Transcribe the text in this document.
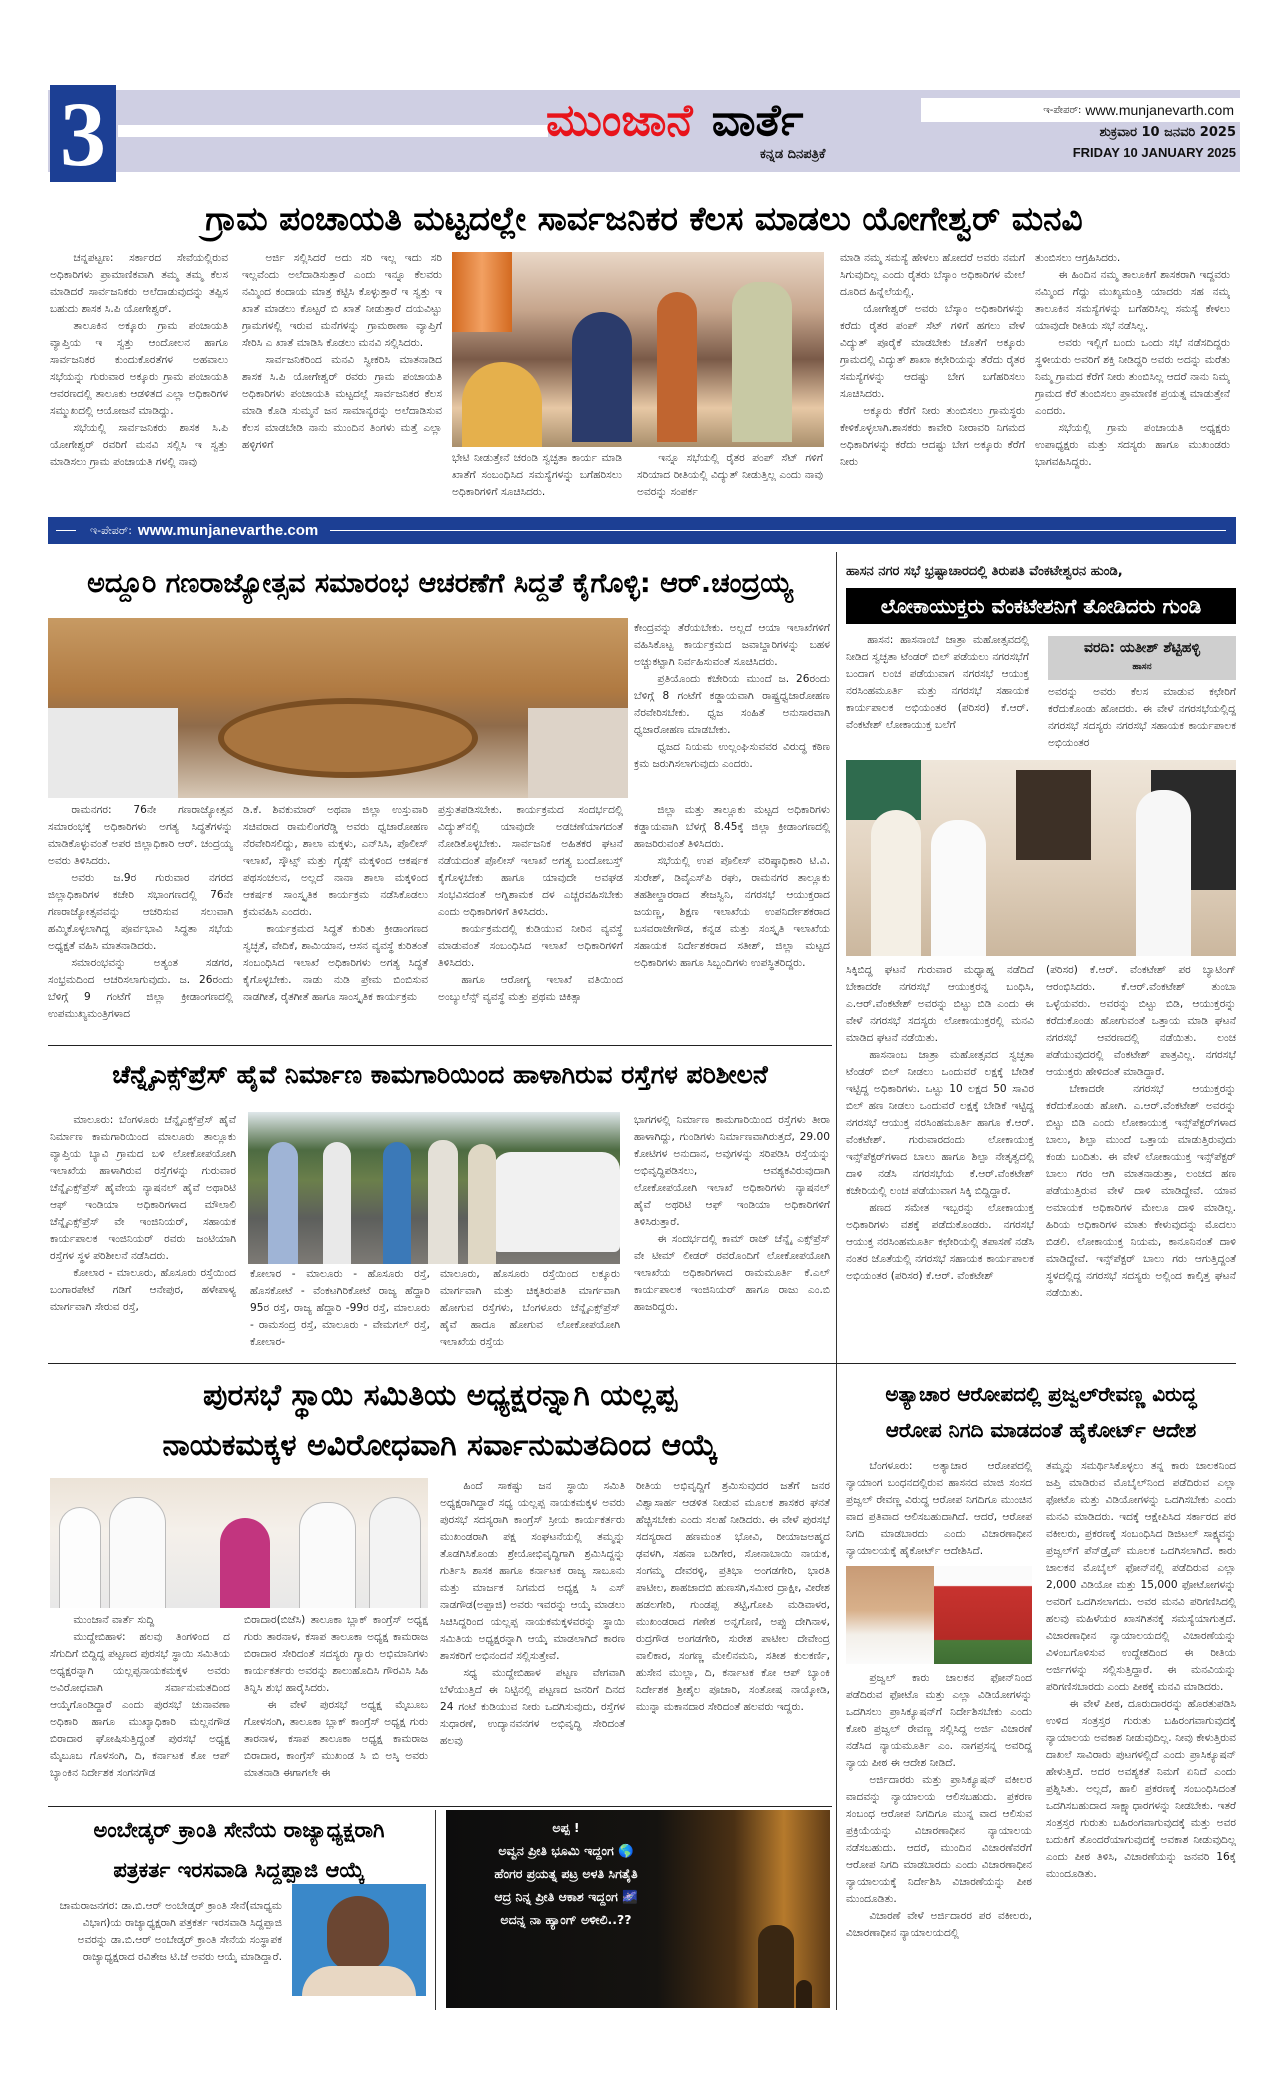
3	ಮುಂಜಾನೆ ವಾರ್ತೆ
ಕನ್ನಡ ದಿನಪತ್ರಿಕೆ
ಇ-ಪೇಪರ್: www.munjanevarth.com
ಶುಕ್ರವಾರ 10 ಜನವರಿ 2025
FRIDAY 10 JANUARY 2025
ಗ್ರಾಮ ಪಂಚಾಯತಿ ಮಟ್ಟದಲ್ಲೇ ಸಾರ್ವಜನಿಕರ ಕೆಲಸ ಮಾಡಲು ಯೋಗೇಶ್ವರ್ ಮನವಿ

ಚನ್ನಪಟ್ಟಣ: ಸರ್ಕಾರದ ಸೇವೆಯಲ್ಲಿರುವ ಅಧಿಕಾರಿಗಳು ಪ್ರಾಮಾಣಿಕವಾಗಿ ತಮ್ಮ ತಮ್ಮ ಕೆಲಸ ಮಾಡಿದರೆ ಸಾರ್ವಜನಿಕರು ಅಲೆದಾಡುವುದನ್ನು ತಪ್ಪಿಸ ಬಹುದು ಶಾಸಕ ಸಿ.ಪಿ ಯೋಗೇಶ್ವರ್.

ತಾಲೂಕಿನ ಅಕ್ಕೂರು ಗ್ರಾಮ ಪಂಚಾಯತಿ ವ್ಯಾಪ್ತಿಯ ಇ ಸ್ವತ್ತು ಆಂದೋಲನ ಹಾಗೂ ಸಾರ್ವಜನಿಕರ ಕುಂದುಕೊರತೆಗಳ ಅಹವಾಲು ಸಭೆಯನ್ನು ಗುರುವಾರ ಅಕ್ಕೂರು ಗ್ರಾಮ ಪಂಚಾಯತಿ ಆವರಣದಲ್ಲಿ ತಾಲೂಕು ಆಡಳಿತದ ಎಲ್ಲಾ ಅಧಿಕಾರಿಗಳ ಸಮ್ಮುಖದಲ್ಲಿ ಆಯೋಜನೆ ಮಾಡಿದ್ದು.

ಸಭೆಯಲ್ಲಿ ಸಾರ್ವಜನಿಕರು ಶಾಸಕ ಸಿ.ಪಿ ಯೋಗೇಶ್ವರ್ ರವರಿಗೆ ಮನವಿ ಸಲ್ಲಿಸಿ ಇ ಸ್ವತ್ತು ಮಾಡಿಸಲು ಗ್ರಾಮ ಪಂಚಾಯತಿ ಗಳಲ್ಲಿ ನಾವು

ಅರ್ಜಿ ಸಲ್ಲಿಸಿದರೆ ಅದು ಸರಿ ಇಲ್ಲ ಇದು ಸರಿ ಇಲ್ಲವೆಂದು ಅಲೆದಾಡಿಸುತ್ತಾರೆ ಎಂದು ಇನ್ನೂ ಕೆಲವರು ನಮ್ಮಿಂದ ಕಂದಾಯ ಮಾತ್ರ ಕಟ್ಟಿಸಿ ಕೊಳ್ಳುತ್ತಾರೆ ಇ ಸ್ವತ್ತು ಇ ಖಾತೆ ಮಾಡಲು ಕೊಟ್ಟರೆ ಬಿ ಖಾತೆ ನೀಡುತ್ತಾರೆ ದಯವಿಟ್ಟು ಗ್ರಾಮಗಳಲ್ಲಿ ಇರುವ ಮನೆಗಳನ್ನು ಗ್ರಾಮಠಾಣಾ ವ್ಯಾಪ್ತಿಗೆ ಸೇರಿಸಿ ಎ ಖಾತೆ ಮಾಡಿಸಿ ಕೊಡಲು ಮನವಿ ಸಲ್ಲಿಸಿದರು.

ಸಾರ್ವಜನಿಕರಿಂದ ಮನವಿ ಸ್ವೀಕರಿಸಿ ಮಾತನಾಡಿದ ಶಾಸಕ ಸಿ.ಪಿ ಯೋಗೇಶ್ವರ್ ರವರು ಗ್ರಾಮ ಪಂಚಾಯತಿ ಅಧಿಕಾರಿಗಳು ಪಂಚಾಯತಿ ಮಟ್ಟದಲ್ಲೆ ಸಾರ್ವಜನಿಕರ ಕೆಲಸ ಮಾಡಿ ಕೊಡಿ ಸುಮ್ಮನೆ ಜನ ಸಾಮಾನ್ಯರನ್ನು ಅಲೆದಾಡಿಸುವ ಕೆಲಸ ಮಾಡಬೇಡಿ ನಾನು ಮುಂದಿನ ತಿಂಗಳು ಮತ್ತೆ ಎಲ್ಲಾ ಹಳ್ಳಿಗಳಿಗೆ

ಭೇಟಿ ನೀಡುತ್ತೇನೆ ಚರಂಡಿ ಸ್ವಚ್ಛತಾ ಕಾರ್ಯ ಮಾಡಿ ಖಾತೆಗೆ ಸಂಬಂಧಿಸಿದ ಸಮಸ್ಯೆಗಳನ್ನು ಬಗೆಹರಿಸಲು ಅಧಿಕಾರಿಗಳಿಗೆ ಸೂಚಿಸಿದರು.
ಇನ್ನೂ ಸಭೆಯಲ್ಲಿ ರೈತರ ಪಂಪ್ ಸೆಟ್ ಗಳಿಗೆ ಸರಿಯಾದ ರೀತಿಯಲ್ಲಿ ವಿದ್ಯುತ್ ನೀಡುತ್ತಿಲ್ಲ ಎಂದು ನಾವು ಅವರನ್ನು ಸಂಪರ್ಕ

ಮಾಡಿ ನಮ್ಮ ಸಮಸ್ಯೆ ಹೇಳಲು ಹೋದರೆ ಅವರು ನಮಗೆ ಸಿಗುವುದಿಲ್ಲ ಎಂದು ರೈತರು ಬೆಸ್ಕಾಂ ಅಧಿಕಾರಿಗಳ ಮೇಲೆ ದೂರಿದ ಹಿನ್ನೆಲೆಯಲ್ಲಿ.

ಯೋಗೇಶ್ವರ್ ಅವರು ಬೆಸ್ಕಾಂ ಅಧಿಕಾರಿಗಳನ್ನು ಕರೆದು ರೈತರ ಪಂಪ್ ಸೆಟ್ ಗಳಿಗೆ ಹಗಲು ವೇಳೆ ವಿದ್ಯುತ್ ಪೂರೈಕೆ ಮಾಡಬೇಕು ಜೊತೆಗೆ ಅಕ್ಕೂರು ಗ್ರಾಮದಲ್ಲಿ ವಿದ್ಯುತ್ ಶಾಖಾ ಕಛೇರಿಯನ್ನು ತೆರೆದು ರೈತರ ಸಮಸ್ಯೆಗಳನ್ನು ಆದಷ್ಟು ಬೇಗ ಬಗೆಹರಿಸಲು ಸೂಚಿಸಿದರು.

ಅಕ್ಕೂರು ಕೆರೆಗೆ ನೀರು ತುಂಬಿಸಲು ಗ್ರಾಮಸ್ಥರು ಕೇಳಿಕೊಳ್ಳಲಾಗಿ.ಶಾಸಕರು ಕಾವೇರಿ ನೀರಾವರಿ ನಿಗಮದ ಅಧಿಕಾರಿಗಳನ್ನು ಕರೆದು ಆದಷ್ಟು ಬೇಗ ಅಕ್ಕೂರು ಕೆರೆಗೆ ನೀರು

ತುಂಬಿಸಲು ಆಗ್ರಹಿಸಿದರು.

ಈ ಹಿಂದಿನ ನಮ್ಮ ತಾಲೂಕಿಗೆ ಶಾಸಕರಾಗಿ ಇದ್ದವರು ನಮ್ಮಿಂದ ಗೆದ್ದು ಮುಖ್ಯಮಂತ್ರಿ ಯಾದರು ಸಹ ನಮ್ಮ ತಾಲೂಕಿನ ಸಮಸ್ಯೆಗಳನ್ನು ಬಗೆಹರಿಸಿಲ್ಲ ಸಮಸ್ಯೆ ಕೇಳಲು ಯಾವುದೇ ರೀತಿಯ ಸಭೆ ನಡೆಸಿಲ್ಲ.

ಅವರು ಇಲ್ಲಿಗೆ ಬಂದು ಒಂದು ಸಭೆ ನಡೆಸದಿದ್ದರು ಸ್ಥಳೀಯರು ಅವರಿಗೆ ಶಕ್ತಿ ನೀಡಿದ್ದರಿ ಅವರು ಅದನ್ನು ಮರೆತು ನಿಮ್ಮ ಗ್ರಾಮದ ಕೆರೆಗೆ ನೀರು ತುಂಬಿಸಿಲ್ಲ ಆದರೆ ನಾನು ನಿಮ್ಮ ಗ್ರಾಮದ ಕೆರೆ ತುಂಬಿಸಲು ಪ್ರಾಮಾಣಿಕ ಪ್ರಯತ್ನ ಮಾಡುತ್ತೇನೆ ಎಂದರು.

ಸಭೆಯಲ್ಲಿ ಗ್ರಾಮ ಪಂಚಾಯತಿ ಅಧ್ಯಕ್ಷರು ಉಪಾಧ್ಯಕ್ಷರು ಮತ್ತು ಸದಸ್ಯರು ಹಾಗೂ ಮುಖಂಡರು ಭಾಗವಹಿಸಿದ್ದರು.

ಇ-ಪೇಪರ್: www.munjanevarthe.com
ಅದ್ದೂರಿ ಗಣರಾಜ್ಯೋತ್ಸವ ಸಮಾರಂಭ ಆಚರಣೆಗೆ ಸಿದ್ದತೆ ಕೈಗೊಳ್ಳಿ: ಆರ್.ಚಂದ್ರಯ್ಯ

ಕೇಂದ್ರವನ್ನು ತೆರೆಯಬೇಕು. ಅಲ್ಲದೆ ಆಯಾ ಇಲಾಖೆಗಳಿಗೆ ವಹಿಸಿಕೊಟ್ಟ ಕಾರ್ಯಕ್ರಮದ ಜವಾಬ್ದಾರಿಗಳನ್ನು ಬಹಳ ಅಚ್ಚುಕಟ್ಟಾಗಿ ನಿರ್ವಹಿಸುವಂತೆ ಸೂಚಿಸಿದರು.

ಪ್ರತಿಯೊಂದು ಕಚೇರಿಯ ಮುಂದೆ ಜ. 26ರಂದು ಬೆಳಿಗ್ಗೆ 8 ಗಂಟೆಗೆ ಕಡ್ಡಾಯವಾಗಿ ರಾಷ್ಟ್ರಧ್ವಜಾರೋಹಣ ನೆರವೇರಿಸಬೇಕು. ಧ್ವಜ ಸಂಹಿತೆ ಅನುಸಾರವಾಗಿ ಧ್ವಜಾರೋಹಣ ಮಾಡಬೇಕು.

ಧ್ವಜದ ನಿಯಮ ಉಲ್ಲಂಘಿಸುವವರ ವಿರುದ್ಧ ಕಠಿಣ ಕ್ರಮ ಜರುಗಿಸಲಾಗುವುದು ಎಂದರು.

ರಾಮನಗರ: 76ನೇ ಗಣರಾಜ್ಯೋತ್ಸವ ಸಮಾರಂಭಕ್ಕೆ ಅಧಿಕಾರಿಗಳು ಅಗತ್ಯ ಸಿದ್ಧತೆಗಳನ್ನು ಮಾಡಿಕೊಳ್ಳುವಂತೆ ಅಪರ ಜಿಲ್ಲಾಧಿಕಾರಿ ಆರ್. ಚಂದ್ರಯ್ಯ ಅವರು ತಿಳಿಸಿದರು.

ಅವರು ಜ.9ರ ಗುರುವಾರ ನಗರದ ಜಿಲ್ಲಾಧಿಕಾರಿಗಳ ಕಚೇರಿ ಸಭಾಂಗಣದಲ್ಲಿ 76ನೇ ಗಣರಾಜ್ಯೋತ್ಸವವನ್ನು ಆಚರಿಸುವ ಸಲುವಾಗಿ ಹಮ್ಮಿಕೊಳ್ಳಲಾಗಿದ್ದ ಪೂರ್ವಭಾವಿ ಸಿದ್ಧತಾ ಸಭೆಯ ಅಧ್ಯಕ್ಷತೆ ವಹಿಸಿ ಮಾತನಾಡಿದರು.

ಸಮಾರಂಭವನ್ನು ಅತ್ಯಂತ ಸಡಗರ, ಸಂಭ್ರಮದಿಂದ ಆಚರಿಸಲಾಗುವುದು. ಜ. 26ರಂದು ಬೆಳಿಗ್ಗೆ 9 ಗಂಟೆಗೆ ಜಿಲ್ಲಾ ಕ್ರೀಡಾಂಗಣದಲ್ಲಿ ಉಪಮುಖ್ಯಮಂತ್ರಿಗಳಾದ

ಡಿ.ಕೆ. ಶಿವಕುಮಾರ್ ಅಥವಾ ಜಿಲ್ಲಾ ಉಸ್ತುವಾರಿ ಸಚಿವರಾದ ರಾಮಲಿಂಗರೆಡ್ಡಿ ಅವರು ಧ್ವಜಾರೋಹಣ ನೆರವೇರಿಸಲಿದ್ದು, ಶಾಲಾ ಮಕ್ಕಳು, ಎನ್‌ಸಿಸಿ, ಪೊಲೀಸ್ ಇಲಾಖೆ, ಸ್ಕೌಟ್ಸ್ ಮತ್ತು ಗೈಡ್ಸ್ ಮಕ್ಕಳಿಂದ ಆಕರ್ಷಕ ಪಥಸಂಚಲನ, ಅಲ್ಲದೆ ನಾನಾ ಶಾಲಾ ಮಕ್ಕಳಿಂದ ಆಕರ್ಷಕ ಸಾಂಸ್ಕೃತಿಕ ಕಾರ್ಯಕ್ರಮ ನಡೆಸಿಕೊಡಲು ಕ್ರಮವಹಿಸಿ ಎಂದರು.

ಕಾರ್ಯಕ್ರಮದ ಸಿದ್ಧತೆ ಕುರಿತು ಕ್ರೀಡಾಂಗಣದ ಸ್ವಚ್ಛತೆ, ವೇದಿಕೆ, ಶಾಮಿಯಾನ, ಆಸನ ವ್ಯವಸ್ಥೆ ಕುರಿತಂತೆ ಸಂಬಂಧಿಸಿದ ಇಲಾಖೆ ಅಧಿಕಾರಿಗಳು ಅಗತ್ಯ ಸಿದ್ಧತೆ ಕೈಗೊಳ್ಳಬೇಕು. ನಾಡು ನುಡಿ ಪ್ರೇಮ ಬಿಂಬಿಸುವ ನಾಡಗೀತೆ, ರೈತಗೀತೆ ಹಾಗೂ ಸಾಂಸ್ಕೃತಿಕ ಕಾರ್ಯಕ್ರಮ

ಪ್ರಸ್ತುತಪಡಿಸಬೇಕು. ಕಾರ್ಯಕ್ರಮದ ಸಂದರ್ಭದಲ್ಲಿ ವಿದ್ಯುತ್‌ನಲ್ಲಿ ಯಾವುದೇ ಅಡಚಣೆಯಾಗದಂತೆ ನೋಡಿಕೊಳ್ಳಬೇಕು. ಸಾರ್ವಜನಿಕ ಅಹಿತಕರ ಘಟನೆ ನಡೆಯದಂತೆ ಪೊಲೀಸ್ ಇಲಾಖೆ ಅಗತ್ಯ ಬಂದೋಬಸ್ತ್ ಕೈಗೊಳ್ಳಬೇಕು ಹಾಗೂ ಯಾವುದೇ ಅವಘಡ ಸಂಭವಿಸದಂತೆ ಅಗ್ನಿಶಾಮಕ ದಳ ಎಚ್ಚರವಹಿಸಬೇಕು ಎಂದು ಅಧಿಕಾರಿಗಳಿಗೆ ತಿಳಿಸಿದರು.

ಕಾರ್ಯಕ್ರಮದಲ್ಲಿ ಕುಡಿಯುವ ನೀರಿನ ವ್ಯವಸ್ಥೆ ಮಾಡುವಂತೆ ಸಂಬಂಧಿಸಿದ ಇಲಾಖೆ ಅಧಿಕಾರಿಗಳಿಗೆ ತಿಳಿಸಿದರು.

ಹಾಗೂ ಆರೋಗ್ಯ ಇಲಾಖೆ ವತಿಯಿಂದ ಅಂಬ್ಯುಲೆನ್ಸ್ ವ್ಯವಸ್ಥೆ ಮತ್ತು ಪ್ರಥಮ ಚಿಕಿತ್ಸಾ

ಜಿಲ್ಲಾ ಮತ್ತು ತಾಲ್ಲೂಕು ಮಟ್ಟದ ಅಧಿಕಾರಿಗಳು ಕಡ್ಡಾಯವಾಗಿ ಬೆಳಗ್ಗೆ 8.45ಕ್ಕೆ ಜಿಲ್ಲಾ ಕ್ರೀಡಾಂಗಣದಲ್ಲಿ ಹಾಜರಿರುವಂತೆ ತಿಳಿಸಿದರು.

ಸಭೆಯಲ್ಲಿ ಉಪ ಪೊಲೀಸ್ ವರಿಷ್ಠಾಧಿಕಾರಿ ಟಿ.ವಿ. ಸುರೇಶ್, ಡಿವೈಎಸ್‌ಪಿ ರಘು, ರಾಮನಗರ ತಾಲ್ಲೂಕು ತಹಶೀಲ್ದಾರರಾದ ತೇಜಸ್ವಿನಿ, ನಗರಸಭೆ ಆಯುಕ್ತರಾದ ಜಯಣ್ಣ, ಶಿಕ್ಷಣ ಇಲಾಖೆಯ ಉಪನಿರ್ದೇಶಕರಾದ ಬಸವರಾಜೇಗೌಡ, ಕನ್ನಡ ಮತ್ತು ಸಂಸ್ಕೃತಿ ಇಲಾಖೆಯ ಸಹಾಯಕ ನಿರ್ದೇಶಕರಾದ ಸತೀಶ್, ಜಿಲ್ಲಾ ಮಟ್ಟದ ಅಧಿಕಾರಿಗಳು ಹಾಗೂ ಸಿಬ್ಬಂದಿಗಳು ಉಪಸ್ಥಿತರಿದ್ದರು.

ಹಾಸನ ನಗರ ಸಭೆ ಭ್ರಷ್ಟಾಚಾರದಲ್ಲಿ ತಿರುಪತಿ ವೆಂಕಟೇಶ್ವರನ ಹುಂಡಿ,
ಲೋಕಾಯುಕ್ತರು ವೆಂಕಟೇಶನಿಗೆ ತೋಡಿದರು ಗುಂಡಿ
ಹಾಸನ: ಹಾಸನಾಂಬೆ ಜಾತ್ರಾ ಮಹೋತ್ಸವದಲ್ಲಿ ನೀಡಿದ ಸ್ವಚ್ಛತಾ ಟೆಂಡರ್ ಬಿಲ್ ಪಡೆಯಲು ನಗರಸಭೆಗೆ ಬಂದಾಗ ಲಂಚ ಪಡೆಯುವಾಗ ನಗರಸಭೆ ಆಯುಕ್ತ ನರಸಿಂಹಮೂರ್ತಿ ಮತ್ತು ನಗರಸಭೆ ಸಹಾಯಕ ಕಾರ್ಯಪಾಲಕ ಅಭಿಯಂತರ (ಪರಿಸರ) ಕೆ.ಆರ್. ವೆಂಕಟೇಶ್ ಲೋಕಾಯುಕ್ತ ಬಲೆಗೆ
ವರದಿ: ಯತೀಶ್ ಶೆಟ್ಟಿಹಳ್ಳಿ
ಹಾಸನ
ಅವರನ್ನು ಅವರು ಕೆಲಸ ಮಾಡುವ ಕಛೇರಿಗೆ ಕರೆದುಕೊಂಡು ಹೋದರು. ಈ ವೇಳೆ ನಗರಸಭೆಯಲ್ಲಿದ್ದ ನಗರಸಭೆ ಸದಸ್ಯರು ನಗರಸಭೆ ಸಹಾಯಕ ಕಾರ್ಯಪಾಲಕ ಅಭಿಯಂತರ

ಸಿಕ್ಕಿಬಿದ್ದ ಘಟನೆ ಗುರುವಾರ ಮಧ್ಯಾಹ್ನ ನಡೆದಿದೆ ಬೇಕಾದರೇ ನಗರಸಭೆ ಆಯುಕ್ತರನ್ನ ಬಂಧಿಸಿ, ಎ.ಆರ್.ವೆಂಕಟೇಶ್ ಅವರನ್ನು ಬಿಟ್ಟು ಬಿಡಿ ಎಂದು ಈ ವೇಳೆ ನಗರಸಭೆ ಸದಸ್ಯರು ಲೋಕಾಯುಕ್ತರಲ್ಲಿ ಮನವಿ ಮಾಡಿದ ಘಟನೆ ನಡೆಯಿತು.

ಹಾಸನಾಂಬ ಜಾತ್ರಾ ಮಹೋತ್ಸವದ ಸ್ವಚ್ಛತಾ ಟೆಂಡರ್ ಬಿಲ್ ನೀಡಲು ಒಂದುವರೆ ಲಕ್ಷಕ್ಕೆ ಬೇಡಿಕೆ ಇಟ್ಟಿದ್ದ ಅಧಿಕಾರಿಗಳು. ಒಟ್ಟು 10 ಲಕ್ಷದ 50 ಸಾವಿರ ಬಿಲ್ ಹಣ ನೀಡಲು ಒಂದುವರೆ ಲಕ್ಷಕ್ಕೆ ಬೇಡಿಕೆ ಇಟ್ಟಿದ್ದ ನಗರಸಭೆ ಆಯುಕ್ತ ನರಸಿಂಹಮೂರ್ತಿ ಹಾಗೂ ಕೆ.ಆರ್. ವೆಂಕಟೇಶ್. ಗುರುವಾರದಂದು ಲೋಕಾಯುಕ್ತ ಇನ್ಸ್‌ಪೆಕ್ಟರ್‌ಗಳಾದ ಬಾಲು ಹಾಗೂ ಶಿಲ್ಪಾ ನೇತೃತ್ವದಲ್ಲಿ ದಾಳಿ ನಡೆಸಿ ನಗರಸಭೆಯ ಕೆ.ಆರ್.ವೆಂಕಟೇಶ್ ಕಚೇರಿಯಲ್ಲಿ ಲಂಚ ಪಡೆಯುವಾಗ ಸಿಕ್ಕಿ ಬಿದ್ದಿದ್ದಾರೆ.

ಹಣದ ಸಮೇತ ಇಬ್ಬರನ್ನು ಲೋಕಾಯುಕ್ತ ಅಧಿಕಾರಿಗಳು ವಶಕ್ಕೆ ಪಡೆದುಕೊಂಡರು. ನಗರಸಭೆ ಆಯುಕ್ತ ನರಸಿಂಹಮೂರ್ತಿ ಕಛೇರಿಯಲ್ಲಿ ತಪಾಸಣೆ ನಡೆಸಿ ನಂತರ ಜೊತೆಯಲ್ಲಿ ನಗರಸಭೆ ಸಹಾಯಕ ಕಾರ್ಯಪಾಲಕ ಅಭಿಯಂತರ (ಪರಿಸರ) ಕೆ.ಆರ್. ವೆಂಕಟೇಶ್

(ಪರಿಸರ) ಕೆ.ಆರ್. ವೆಂಕಟೇಶ್ ಪರ ಬ್ಯಾಟಿಂಗ್ ಆರಂಭಿಸಿದರು. ಕೆ.ಆರ್.ವೆಂಕಟೇಶ್ ತುಂಬಾ ಒಳ್ಳೆಯವರು. ಅವರನ್ನು ಬಿಟ್ಟು ಬಿಡಿ, ಆಯುಕ್ತರನ್ನು ಕರೆದುಕೊಂಡು ಹೋಗುವಂತೆ ಒತ್ತಾಯ ಮಾಡಿ ಘಟನೆ ನಗರಸಭೆ ಆವರಣದಲ್ಲಿ ನಡೆಯಿತು. ಲಂಚ ಪಡೆಯುವುದರಲ್ಲಿ ವೆಂಕಟೇಶ್ ಪಾತ್ರವಿಲ್ಲ. ನಗರಸಭೆ ಆಯುಕ್ತರು ಹೇಳಿದಂತೆ ಮಾಡಿದ್ದಾರೆ.

ಬೇಕಾದರೇ ನಗರಸಭೆ ಆಯುಕ್ತರನ್ನು ಕರೆದುಕೊಂಡು ಹೋಗಿ. ಎ.ಆರ್.ವೆಂಕಟೇಶ್ ಅವರನ್ನು ಬಿಟ್ಟು ಬಿಡಿ ಎಂದು ಲೋಕಾಯುಕ್ತ ಇನ್ಸ್‌ಪೆಕ್ಟರ್‌ಗಳಾದ ಬಾಲು, ಶಿಲ್ಪಾ ಮುಂದೆ ಒತ್ತಾಯ ಮಾಡುತ್ತಿರುವುದು ಕಂಡು ಬಂದಿತು. ಈ ವೇಳೆ ಲೋಕಾಯುಕ್ತ ಇನ್ಸ್‌ಪೆಕ್ಟರ್ ಬಾಲು ಗರಂ ಆಗಿ ಮಾತನಾಡುತ್ತಾ, ಲಂಚದ ಹಣ ಪಡೆಯುತ್ತಿರುವ ವೇಳೆ ದಾಳಿ ಮಾಡಿದ್ದೇವೆ. ಯಾವ ಅಮಾಯಕ ಅಧಿಕಾರಿಗಳ ಮೇಲೂ ದಾಳಿ ಮಾಡಿಲ್ಲ. ಹಿರಿಯ ಅಧಿಕಾರಿಗಳ ಮಾತು ಕೇಳುವುದನ್ನು ಮೊದಲು ಬಿಡಲಿ. ಲೋಕಾಯುಕ್ತ ನಿಯಮ, ಕಾನೂನಿನಂತೆ ದಾಳಿ ಮಾಡಿದ್ದೇವೆ. ಇನ್ಸ್‌ಪೆಕ್ಟರ್ ಬಾಲು ಗರು ಆಗುತ್ತಿದ್ದಂತೆ ಸ್ಥಳದಲ್ಲಿದ್ದ ನಗರಸಭೆ ಸದಸ್ಯರು ಅಲ್ಲಿಂದ ಕಾಲ್ಕಿತ್ತ ಘಟನೆ ನಡೆಯಿತು.

ಚೆನ್ನೈಎಕ್ಸ್‌ಪ್ರೆಸ್ ಹೈವೆ ನಿರ್ಮಾಣ ಕಾಮಗಾರಿಯಿಂದ ಹಾಳಾಗಿರುವ ರಸ್ತೆಗಳ ಪರಿಶೀಲನೆ

ಮಾಲೂರು: ಬೆಂಗಳೂರು ಚೆನ್ನೈಎಕ್ಸ್‌ಪ್ರೆಸ್ ಹೈವೆ ನಿರ್ಮಾಣ ಕಾಮಗಾರಿಯಿಂದ ಮಾಲೂರು ತಾಲ್ಲೂಕು ವ್ಯಾಪ್ತಿಯ ಬ್ಯಾವಿ ಗ್ರಾಮದ ಬಳಿ ಲೋಕೋಪಯೋಗಿ ಇಲಾಖೆಯ ಹಾಳಾಗಿರುವ ರಸ್ತೆಗಳನ್ನು ಗುರುವಾರ ಚೆನ್ನೈಎಕ್ಸ್‌ಪ್ರೆಸ್ ಹೈವೇಯ ನ್ಯಾಷನಲ್ ಹೈವೆ ಅಥಾರಿಟಿ ಆಫ್ ಇಂಡಿಯಾ ಅಧಿಕಾರಿಗಳಾದ ಮೌಲಾಲಿ ಚೆನ್ನೈಎಕ್ಸ್‌ಪ್ರೆಸ್ ವೇ ಇಂಜಿನಿಯರ್, ಸಹಾಯಕ ಕಾರ್ಯಪಾಲಕ ಇಂಜಿನಿಯರ್ ರವರು ಜಂಟಿಯಾಗಿ ರಸ್ತೆಗಳ ಸ್ಥಳ ಪರಿಶೀಲನೆ ನಡೆಸಿದರು.

ಕೋಲಾರ - ಮಾಲೂರು, ಹೊಸೂರು ರಸ್ತೆಯಿಂದ ಬಂಗಾರಪೇಟೆ ಗಡಿಗೆ ಆನೇಪುರ, ಹಳೇಪಾಳ್ಯ ಮಾರ್ಗವಾಗಿ ಸೇರುವ ರಸ್ತೆ,

ಕೋಲಾರ - ಮಾಲೂರು - ಹೊಸೂರು ರಸ್ತೆ, ಹೊಸಕೋಟೆ - ವೆಂಕಟಗಿರಿಕೋಟೆ ರಾಜ್ಯ ಹೆದ್ದಾರಿ 95ರ ರಸ್ತೆ, ರಾಜ್ಯ ಹೆದ್ದಾರಿ -99ರ ರಸ್ತೆ, ಮಾಲೂರು - ರಾಮಸಂದ್ರ ರಸ್ತೆ, ಮಾಲೂರು - ವೇಮಗಲ್ ರಸ್ತೆ, ಕೋಲಾರ-
ಮಾಲೂರು, ಹೊಸೂರು ರಸ್ತೆಯಿಂದ ಲಕ್ಕೂರು ಮಾರ್ಗವಾಗಿ ಮತ್ತು ಚಿಕ್ಕತಿರುಪತಿ ಮಾರ್ಗವಾಗಿ ಹೋಗುವ ರಸ್ತೆಗಳು, ಬೆಂಗಳೂರು ಚೆನ್ನೈಎಕ್ಸ್‌ಪ್ರೆಸ್ ಹೈವೆ ಹಾದೂ ಹೋಗುವ ಲೋಕೋಪಯೋಗಿ ಇಲಾಖೆಯ ರಸ್ತೆಯ

ಭಾಗಗಳಲ್ಲಿ ನಿರ್ಮಾಣ ಕಾಮಗಾರಿಯಿಂದ ರಸ್ತೆಗಳು ತೀರಾ ಹಾಳಾಗಿದ್ದು, ಗುಂಡಿಗಳು ನಿರ್ಮಾಣವಾಗಿರುತ್ತದೆ, 29.00 ಕೋಟಿಗಳ ಅನುದಾನ, ಅವುಗಳನ್ನು ಸರಿಪಡಿಸಿ ರಸ್ತೆಯನ್ನು ಅಭಿವೃದ್ಧಿಪಡಿಸಲು, ಆವಶ್ಯಕವಿರುವುದಾಗಿ ಲೋಕೋಪಯೋಗಿ ಇಲಾಖೆ ಅಧಿಕಾರಿಗಳು ನ್ಯಾಷನಲ್ ಹೈವೆ ಅಥರಿಟಿ ಆಫ್ ಇಂಡಿಯಾ ಅಧಿಕಾರಿಗಳಿಗೆ ತಿಳಿಸಿರುತ್ತಾರೆ.

ಈ ಸಂದರ್ಭದಲ್ಲಿ ಕಾಮ್ ರಾಜ್ ಚೆನ್ನೈ ಎಕ್ಸ್‌ಪ್ರೆಸ್ ವೇ ಟೀಮ್ ಲೀಡರ್ ರವರೊಂದಿಗೆ ಲೋಕೋಪಯೋಗಿ ಇಲಾಖೆಯ ಅಧಿಕಾರಿಗಳಾದ ರಾಮಮೂರ್ತಿ ಕೆ.ಎಲ್ ಕಾರ್ಯಪಾಲಕ ಇಂಜಿನಿಯರ್ ಹಾಗೂ ರಾಜು ಎಂ.ಬಿ ಹಾಜರಿದ್ದರು.

ಪುರಸಭೆ ಸ್ಥಾಯಿ ಸಮಿತಿಯ ಅಧ್ಯಕ್ಷರನ್ನಾಗಿ ಯಲ್ಲಪ್ಪ
ನಾಯಕಮಕ್ಕಳ ಅವಿರೋಧವಾಗಿ ಸರ್ವಾನುಮತದಿಂದ ಆಯ್ಕೆ

ಮುಂಜಾನೆ ವಾರ್ತೆ ಸುದ್ದಿ

ಮುದ್ದೇಬಿಹಾಳ: ಹಲವು ತಿಂಗಳಿಂದ ದ ಸೆಗುದಿಗೆ ಬಿದ್ದಿದ್ದ ಪಟ್ಟಣದ ಪುರಸಭೆ ಸ್ಥಾಯಿ ಸಮಿತಿಯ ಅಧ್ಯಕ್ಷರನ್ನಾಗಿ ಯಲ್ಲಪ್ಪನಾಯಕಮಕ್ಕಳ ಅವರು ಅವಿರೋಧವಾಗಿ ಸರ್ವಾನುಮತದಿಂದ ಆಯ್ಕೆಗೊಂಡಿದ್ದಾರೆ ಎಂದು ಪುರಸಭೆ ಚುನಾವಣಾ ಅಧಿಕಾರಿ ಹಾಗೂ ಮುಖ್ಯಾಧಿಕಾರಿ ಮಲ್ಲನಗೌಡ ಬಿರಾದಾರ ಘೋಷಿಸುತ್ತಿದ್ದಂತೆ ಪುರಸಭೆ ಅಧ್ಯಕ್ಷ ಮೈಬೂಬ ಗೊಳಸಂಗಿ, ದಿ, ಕರ್ನಾಟಕ ಕೋ ಆಪ್ ಬ್ಯಾಂಕಿನ ನಿರ್ದೇಶಕ ಸಂಗನಗೌಡ

ಬಿರಾದಾರ(ಬಿಜೆಸಿ) ತಾಲೂಕಾ ಬ್ಲಾಕ್ ಕಾಂಗ್ರೆಸ್ ಅಧ್ಯಕ್ಷ ಗುರು ತಾರನಾಳ, ಕಸಾಪ ತಾಲೂಕಾ ಅಧ್ಯಕ್ಷ ಕಾಮರಾಜ ಬಿರಾದಾರ ಸೇರಿದಂತೆ ಸದಸ್ಯರು ಗ್ಯಾರು ಅಭಿಮಾನಿಗಳು ಕಾರ್ಯಕರ್ತರು ಅವರನ್ನು ಶಾಲುಹೊದಿಸಿ ಗೌರವಿಸಿ ಸಿಹಿ ತಿನ್ನಿಸಿ ಶುಭ ಹಾರೈಸಿದರು.

ಈ ವೇಳೆ ಪುರಸಭೆ ಅಧ್ಯಕ್ಷ ಮೈಬೂಬ ಗೋಳಸಂಗಿ, ತಾಲೂಕಾ ಬ್ಲಾಕ್ ಕಾಂಗ್ರೆಸ್ ಅಧ್ಯಕ್ಷ ಗುರು ತಾರನಾಳ, ಕಸಾಪ ತಾಲೂಕಾ ಅಧ್ಯಕ್ಷ ಕಾಮರಾಜ ಬಿರಾದಾರ, ಕಾಂಗ್ರೆಸ್ ಮುಖಂಡ ಸಿ ಬಿ ಅಸ್ಕಿ ಅವರು ಮಾತನಾಡಿ ಈಗಾಗಲೇ ಈ

ಹಿಂದೆ ಸಾಕಷ್ಟು ಜನ ಸ್ಥಾಯಿ ಸಮಿತಿ ಅಧ್ಯಕ್ಷರಾಗಿದ್ದಾರೆ ಸಧ್ಯ ಯಲ್ಲಪ್ಪ ನಾಯಕಮಕ್ಕಳ ಅವರು ಪುರಸಭೆ ಸದಸ್ಯರಾಗಿ ಕಾಂಗ್ರೆಸ್ ಸ್ರೀಯ ಕಾರ್ಯಕರ್ತರು ಮುಖಂಡರಾಗಿ ಪಕ್ಷ ಸಂಘಟನೆಯಲ್ಲಿ ತಮ್ಮನ್ನು ತೊಡಗಿಸಿಕೊಂಡು ಶ್ರೇಯೋಭಿವೃದ್ಧಿಗಾಗಿ ಶ್ರಮಿಸಿದ್ದನ್ನು ಗುರ್ತಿಸಿ ಶಾಸಕ ಹಾಗೂ ಕರ್ನಾಟಕ ರಾಜ್ಯ ಸಾಬೂನು ಮತ್ತು ಮಾರ್ಜಕ ನಿಗಮದ ಅಧ್ಯಕ್ಷ ಸಿ ಎಸ್ ನಾಡಗೌಡ(ಅಪ್ಪಾಜಿ) ಅವರು ಇವರನ್ನು ಆಯ್ಕೆ ಮಾಡಲು ಸಿಚಿಸಿದ್ದರಿಂದ ಯಲ್ಲಪ್ಪ ನಾಯಕಮಕ್ಕಳವರನ್ನು ಸ್ಥಾಯಿ ಸಮಿತಿಯ ಅಧ್ಯಕ್ಷರನ್ನಾಗಿ ಆಯ್ಕೆ ಮಾಡಲಾಗಿದೆ ಕಾರಣ ಶಾಸಕರಿಗೆ ಅಭಿನಂದನೆ ಸಲ್ಲಿಸುತ್ತೇವೆ.

ಸಧ್ಯ ಮುದ್ದೇಬಿಹಾಳ ಪಟ್ಟಣ ವೇಗವಾಗಿ ಬೆಳೆಯುತ್ತಿದೆ ಈ ನಿಟ್ಟಿನಲ್ಲಿ ಪಟ್ಟಣದ ಜನರಿಗೆ ದಿನದ 24 ಗಂಟೆ ಕುಡಿಯುವ ನೀರು ಒದಗಿಸುವುದು, ರಸ್ತೆಗಳ ಸುಧಾರಣೆ, ಉದ್ಯಾನವನಗಳ ಅಭಿವೃದ್ಧಿ ಸೇರಿದಂತೆ ಹಲವು

ರೀತಿಯ ಅಭಿವೃದ್ದಿಗೆ ಶ್ರಮಿಸುವುದರ ಜತೆಗೆ ಜನರ ವಿಶ್ವಾಸಾರ್ಹ ಆಡಳಿತ ನೀಡುವ ಮೂಲಕ ಶಾಸಕರ ಘನತೆ ಹೆಚ್ಚಿಸಬೇಕು ಎಂದು ಸಲಹೆ ನೀಡಿದರು. ಈ ವೇಳೆ ಪುರಸಭೆ ಸದಸ್ಯರಾದ ಹಣಮಂತ ಭೋವಿ, ರೀಯಾಜಅಹ್ಮದ ಢವಳಗಿ, ಸಹನಾ ಬಡಿಗೇರ, ಸೋನಾಬಾಯಿ ನಾಯಕ, ಸಂಗಮ್ಮ ದೇವರಳ್ಳಿ, ಪ್ರತಿಭಾ ಅಂಗಡಗೇರಿ, ಭಾರತಿ ಪಾಟೀಲ, ಶಾಹಜಾದಬಿ ಹುಣಸಗಿ,ಸಮೀರ ದ್ರಾಕ್ಷೀ, ವೀರೇಶ ಹಡಲಗೇರಿ, ಗುಂಡಪ್ಪ ತಟ್ಟಿ,ಗೋಪಿ ಮಡಿವಾಳರ, ಮುಖಂಡರಾದ ಗಣೇಶ ಅನ್ನಗೊಣಿ, ಅಪ್ಪು ದೇಗಿನಾಳ, ರುದ್ರಗೌಡ ಅಂಗಡಗೇರಿ, ಸುರೇಶ ಪಾಟೀಲ ದೇವೇಂದ್ರ ವಾಲಿಕಾರ, ಸಂಗಣ್ಣ ಮೇಲಿನಮನಿ, ಸತೀಶ ಕುಲಕರ್ಣಿ, ಹುಸೇನ ಮುಲ್ಲಾ, ದಿ, ಕರ್ನಾಟಕ ಕೋ ಆಪ್ ಬ್ಯಾಂಕಿ ನಿರ್ದೇಶಕ ಶ್ರೀಶೈಲ ಪೂಜಾರಿ, ಸಂತೋಷ ನಾಯ್ಕೋಡಿ, ಮುನ್ನಾ ಮಕಾನದಾರ ಸೇರಿದಂತೆ ಹಲವರು ಇದ್ದರು.

ಅತ್ಯಾಚಾರ ಆರೋಪದಲ್ಲಿ ಪ್ರಜ್ವಲ್‌ರೇವಣ್ಣ ವಿರುದ್ಧ
ಆರೋಪ ನಿಗದಿ ಮಾಡದಂತೆ ಹೈಕೋರ್ಟ್ ಆದೇಶ

ಬೆಂಗಳೂರು: ಅತ್ಯಾಚಾರ ಆರೋಪದಲ್ಲಿ ನ್ಯಾಯಾಂಗ ಬಂಧನದಲ್ಲಿರುವ ಹಾಸನದ ಮಾಜಿ ಸಂಸದ ಪ್ರಜ್ವಲ್ ರೇವಣ್ಣ ವಿರುದ್ಧ ಆರೋಪ ನಿಗದಿಗೂ ಮುಂಚಿನ ವಾದ ಪ್ರತಿವಾದ ಆಲಿಸಬಹುದಾಗಿದೆ. ಆದರೆ, ಆರೋಪ ನಿಗದಿ ಮಾಡಬಾರದು ಎಂದು ವಿಚಾರಣಾಧೀನ ನ್ಯಾಯಾಲಯಕ್ಕೆ ಹೈಕೋರ್ಟ್ ಆದೇಶಿಸಿದೆ.

ಪ್ರಜ್ವಲ್ ಕಾರು ಚಾಲಕನ ಫೋನ್‌ನಿಂದ ಪಡೆದಿರುವ ಫೋಟೊ ಮತ್ತು ಎಲ್ಲಾ ವಿಡಿಯೋಗಳನ್ನು ಒದಗಿಸಲು ಪ್ರಾಸಿಕ್ಯೂಷನ್‌ಗೆ ನಿರ್ದೇಶಿಸಬೇಕು ಎಂದು ಕೋರಿ ಪ್ರಜ್ವಲ್ ರೇವಣ್ಣ ಸಲ್ಲಿಸಿದ್ದ ಅರ್ಜಿ ವಿಚಾರಣೆ ನಡೆಸಿದ ನ್ಯಾಯಮೂರ್ತಿ ಎಂ. ನಾಗಪ್ರಸನ್ನ ಅವರಿದ್ದ ನ್ಯಾಯ ಪೀಠ ಈ ಆದೇಶ ನೀಡಿದೆ.

ಅರ್ಜಿದಾರರು ಮತ್ತು ಪ್ರಾಸಿಕ್ಯೂಷನ್ ವಕೀಲರ ವಾದವನ್ನು ನ್ಯಾಯಾಲಯ ಆಲಿಸಬಹುದು. ಪ್ರಕರಣ ಸಂಬಂಧ ಆರೋಪ ನಿಗದಿಗೂ ಮುನ್ನ ವಾದ ಆಲಿಸುವ ಪ್ರಕ್ರಿಯೆಯನ್ನು ವಿಚಾರಣಾಧೀನ ನ್ಯಾಯಾಲಯ ನಡೆಸಬಹುದು. ಆದರೆ, ಮುಂದಿನ ವಿಚಾರಣೆವರೆಗೆ ಆರೋಪ ನಿಗದಿ ಮಾಡಬಾರದು ಎಂದು ವಿಚಾರಣಾಧೀನ ನ್ಯಾಯಾಲಯಕ್ಕೆ ನಿರ್ದೇಶಿಸಿ ವಿಚಾರಣೆಯನ್ನು ಪೀಠ ಮುಂದೂಡಿತು.

ವಿಚಾರಣೆ ವೇಳೆ ಅರ್ಜಿದಾರರ ಪರ ವಕೀಲರು, ವಿಚಾರಣಾಧೀನ ನ್ಯಾಯಾಲಯದಲ್ಲಿ

ತಮ್ಮನ್ನು ಸಮರ್ಥಿಸಿಕೊಳ್ಳಲು ತನ್ನ ಕಾರು ಚಾಲಕನಿಂದ ಜಪ್ತಿ ಮಾಡಿರುವ ಮೊಬೈಲ್‌ನಿಂದ ಪಡೆದಿರುವ ಎಲ್ಲಾ ಫೋಟೊ ಮತ್ತು ವಿಡಿಯೋಗಳನ್ನು ಒದಗಿಸಬೇಕು ಎಂದು ಮನವಿ ಮಾಡಿದರು. ಇದಕ್ಕೆ ಆಕ್ಷೇಪಿಸಿದ ಸರ್ಕಾರದ ಪರ ವಕೀಲರು, ಪ್ರಕರಣಕ್ಕೆ ಸಂಬಂಧಿಸಿದ ಡಿಜಿಟಲ್ ಸಾಕ್ಷ್ಯವನ್ನು ಪ್ರಜ್ವಲ್‌ಗೆ ಪೆನ್‌ಡ್ರೈವ್ ಮೂಲಕ ಒದಗಿಸಲಾಗಿದೆ. ಕಾರು ಚಾಲಕನ ಮೊಬೈಲ್ ಫೋನ್‌ನಲ್ಲಿ ಪಡೆದಿರುವ ಎಲ್ಲಾ 2,000 ವಿಡಿಯೋ ಮತ್ತು 15,000 ಫೋಟೋಗಳನ್ನು ಅವರಿಗೆ ಒದಗಿಸಲಾಗದು. ಅವರ ಮನವಿ ಪರಿಗಣಿಸಿದಲ್ಲಿ ಹಲವು ಮಹಿಳೆಯರ ಖಾಸಗಿತನಕ್ಕೆ ಸಮಸ್ಯೆಯಾಗುತ್ತದೆ. ವಿಚಾರಣಾಧೀನ ನ್ಯಾಯಾಲಯದಲ್ಲಿ ವಿಚಾರಣೆಯನ್ನು ವಿಳಂಬಗೊಳಿಸುವ ಉದ್ದೇಶದಿಂದ ಈ ರೀತಿಯ ಅರ್ಜಿಗಳನ್ನು ಸಲ್ಲಿಸುತ್ತಿದ್ದಾರೆ. ಈ ಮನವಿಯನ್ನು ಪರಿಗಣಿಸಬಾರದು ಎಂದು ಪೀಠಕ್ಕೆ ಮನವಿ ಮಾಡಿದರು.

ಈ ವೇಳೆ ಪೀಠ, ದೂರುದಾರರನ್ನು ಹೊರತುಪಡಿಸಿ ಉಳಿದ ಸಂತ್ರಸ್ತರ ಗುರುತು ಬಹಿರಂಗವಾಗುವುದಕ್ಕೆ ನ್ಯಾಯಾಲಯ ಅವಕಾಶ ನೀಡುವುದಿಲ್ಲ. ನೀವು ಕೇಳುತ್ತಿರುವ ದಾಖಲೆ ಸಾವಿರಾರು ಪುಟಗಳಲ್ಲಿದೆ ಎಂದು ಪ್ರಾಸಿಕ್ಯೂಷನ್ ಹೇಳುತ್ತಿದೆ. ಅದರ ಅವಶ್ಯಕತೆ ನಿಮಗೆ ಏನಿದೆ ಎಂದು ಪ್ರಶ್ನಿಸಿತು. ಅಲ್ಲದೆ, ಹಾಲಿ ಪ್ರಕರಣಕ್ಕೆ ಸಂಬಂಧಿಸಿದಂತೆ ಒದಗಿಸಬಹುದಾದ ಸಾಕ್ಷ್ಯಾಧಾರಗಳನ್ನು ನೀಡಬೇಕು. ಇತರೆ ಸಂತ್ರಸ್ತರ ಗುರುತು ಬಹಿರಂಗವಾಗುವುದಕ್ಕೆ ಮತ್ತು ಅವರ ಬದುಕಿಗೆ ತೊಂದರೆಯಾಗುವುದಕ್ಕೆ ಅವಕಾಶ ನೀಡುವುದಿಲ್ಲ ಎಂದು ಪೀಠ ತಿಳಿಸಿ, ವಿಚಾರಣೆಯನ್ನು ಜನವರಿ 16ಕ್ಕೆ ಮುಂದೂಡಿತು.

ಅಂಬೇಡ್ಕರ್ ಕ್ರಾಂತಿ ಸೇನೆಯ ರಾಜ್ಯಾಧ್ಯಕ್ಷರಾಗಿ
ಪತ್ರಕರ್ತ ಇರಸವಾಡಿ ಸಿದ್ದಪ್ಪಾಜಿ ಆಯ್ಕೆ
ಚಾಮರಾಜನಗರ: ಡಾ.ಬಿ.ಆರ್ ಅಂಬೇಡ್ಕರ್ ಕ್ರಾಂತಿ ಸೇನೆ(ಮಾಧ್ಯಮ ವಿಭಾಗ)ಯ ರಾಜ್ಯಾಧ್ಯಕ್ಷರಾಗಿ ಪತ್ರಕರ್ತ ಇರಸವಾಡಿ ಸಿದ್ದಪ್ಪಾಜಿ ಅವರನ್ನು ಡಾ.ಬಿ.ಆರ್ ಅಂಬೇಡ್ಕರ್ ಕ್ರಾಂತಿ ಸೇನೆಯ ಸಂಸ್ಥಾಪಕ ರಾಜ್ಯಾಧ್ಯಕ್ಷರಾದ ರವಿತೇಜ ಟಿ.ಜೆ ಅವರು ಆಯ್ಕೆ ಮಾಡಿದ್ದಾರೆ.
ಅಪ್ಪ !
ಅವ್ವನ ಪ್ರೀತಿ ಭೂಮಿ ಇದ್ದಂಗ 🌎
ಹೆಂಗರ ಪ್ರಯತ್ನ ಪಟ್ರ ಅಳತಿ ಸಿಗತೈತಿ
ಆದ್ರ ನಿನ್ನ ಪ್ರೀತಿ ಆಕಾಶ ಇದ್ದಂಗ 🌌
ಅದನ್ನ ನಾ ಹ್ಯಾಂಗ್ ಅಳೀಲಿ..??
